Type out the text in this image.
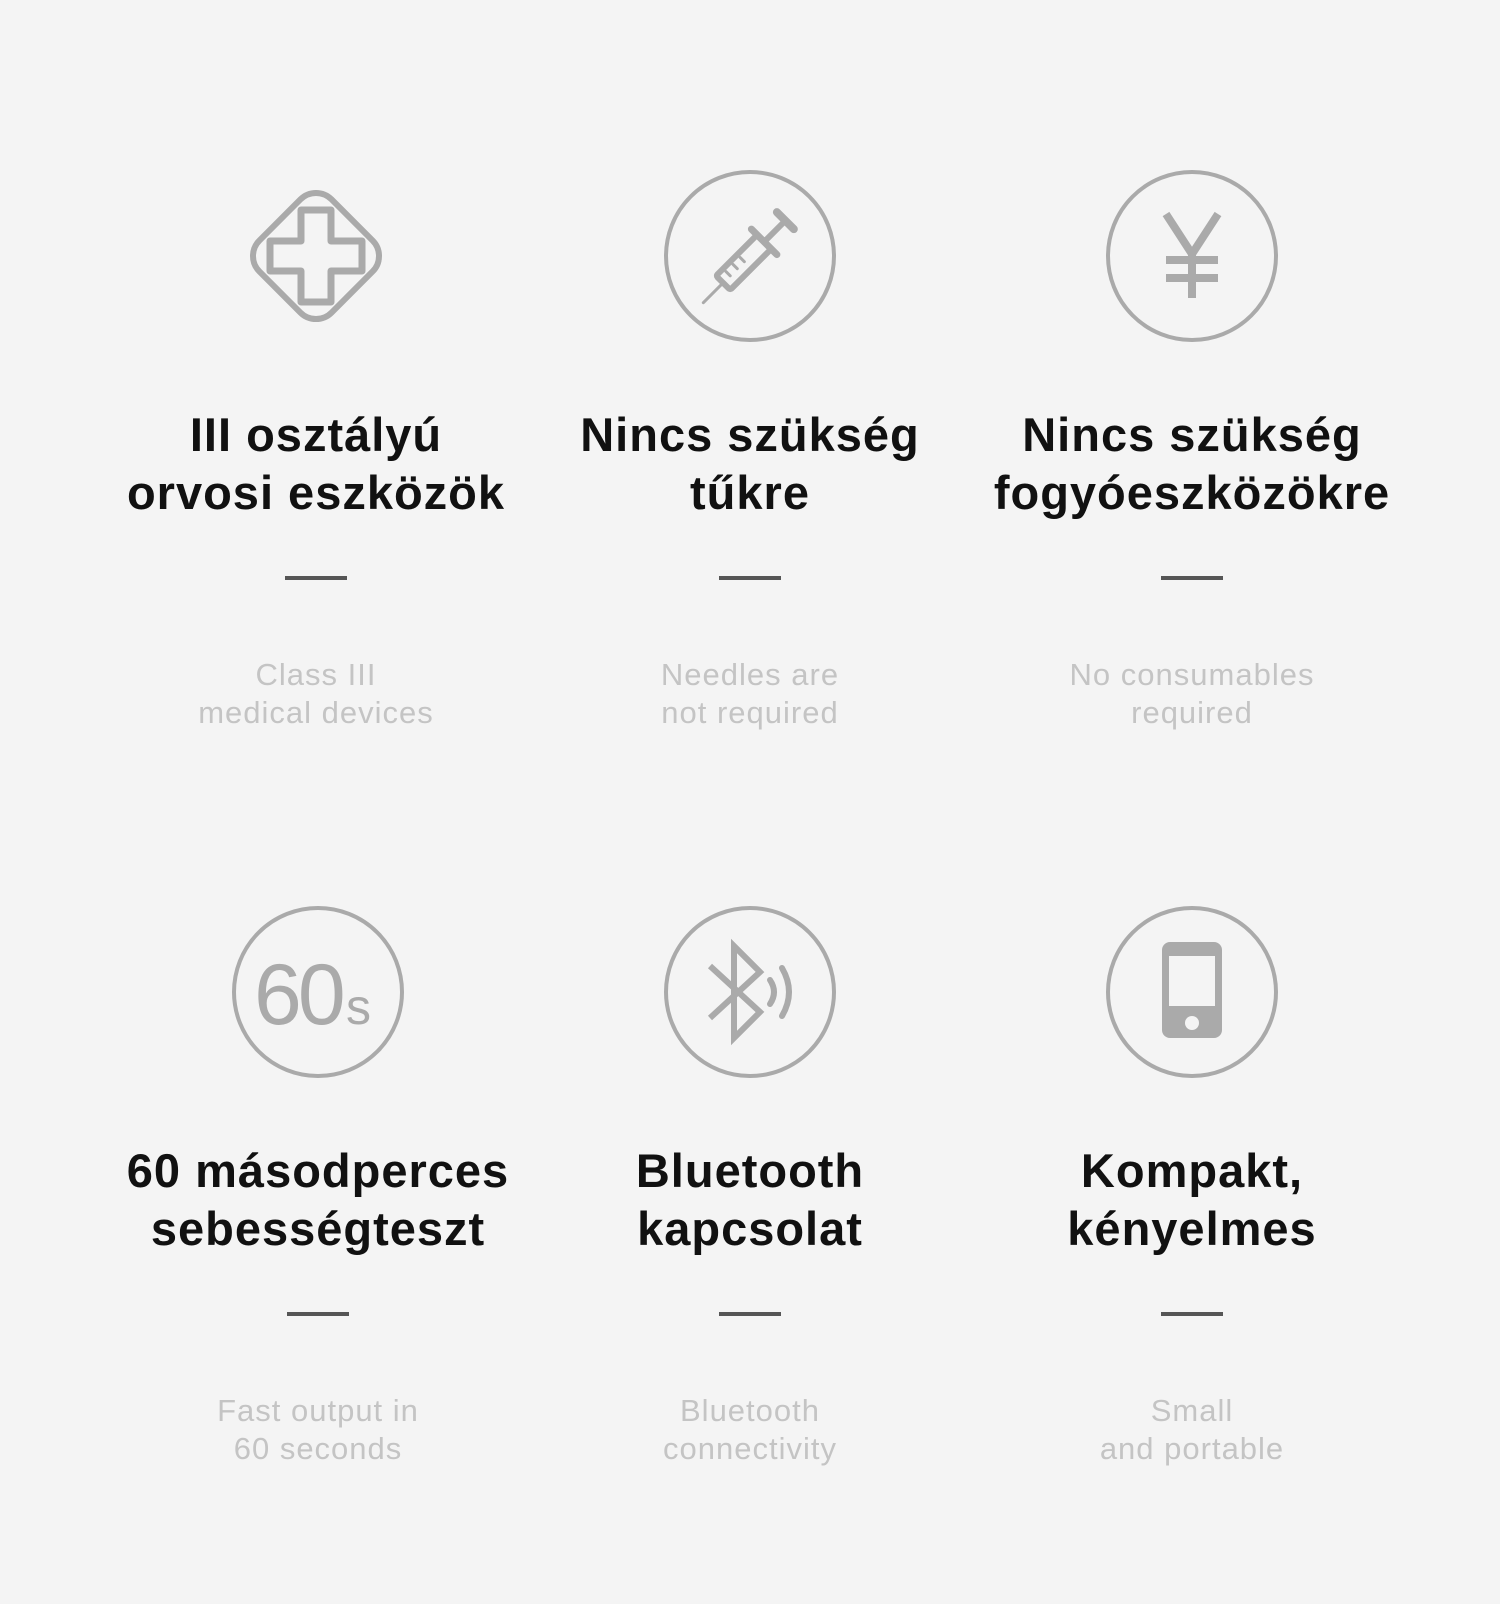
III osztályú
orvosi eszközök
Class III
medical devices
Nincs szükség
tűkre
Needles are
not required
Nincs szükség
fogyóeszközökre
No consumables
required
60 s
60 másodperces
sebességteszt
Fast output in
60 seconds
Bluetooth
kapcsolat
Bluetooth
connectivity
Kompakt,
kényelmes
Small
and portable
